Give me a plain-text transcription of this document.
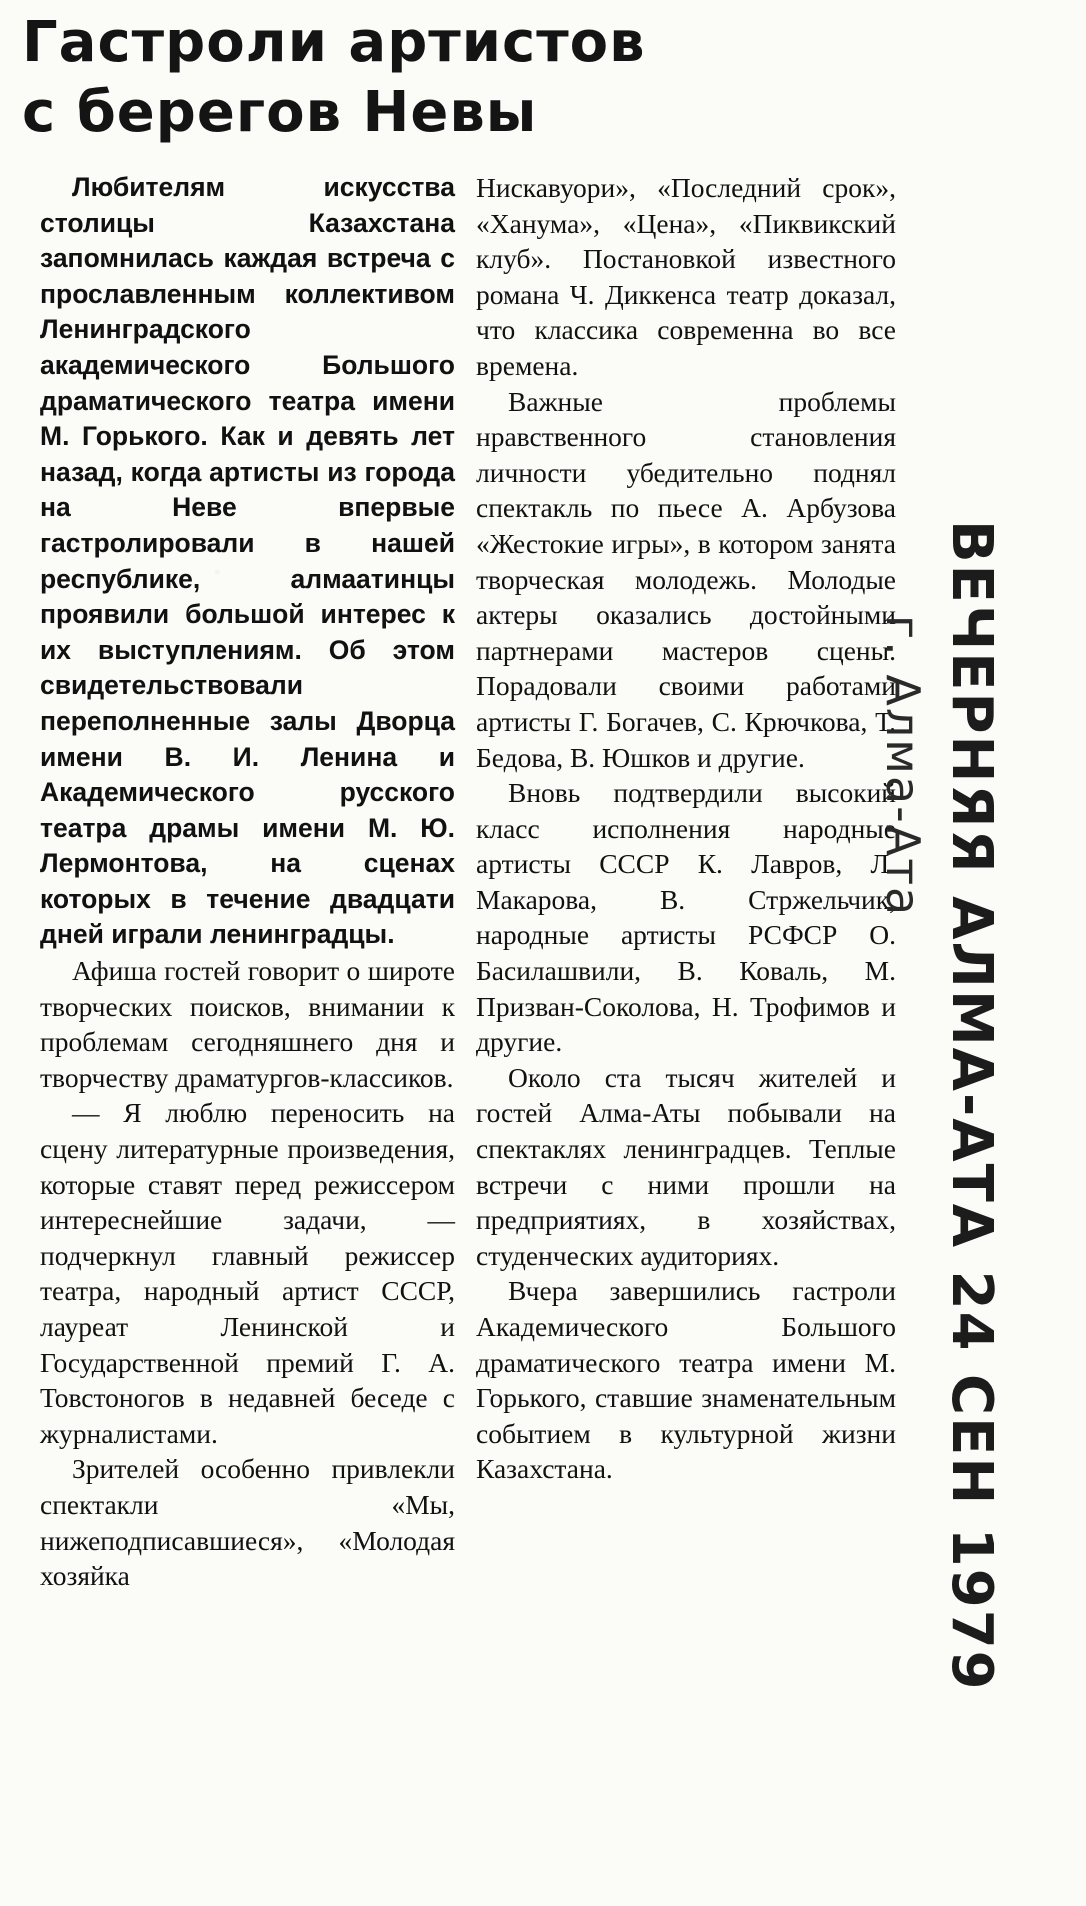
Гастроли артистов
с берегов Невы

Любителям искусства столицы Казахстана запомнилась каждая встреча с прославленным коллективом Ленинградского академического Большого драматического театра имени М. Горького. Как и девять лет назад, когда артисты из города на Неве впервые гастролировали в нашей республике, алмаатинцы проявили большой интерес к их выступлениям. Об этом свидетельствовали переполненные залы Дворца имени В. И. Ленина и Академического русского театра драмы имени М. Ю. Лермонтова, на сценах которых в течение двадцати дней играли ленинградцы.

Афиша гостей говорит о широте творческих поисков, внимании к проблемам сегодняшнего дня и творчеству драматургов-классиков.

— Я люблю переносить на сцену литературные произведения, которые ставят перед режиссером интереснейшие задачи, — подчеркнул главный режиссер театра, народный артист СССР, лауреат Ленинской и Государственной премий Г. А. Товстоногов в недавней беседе с журналистами.

Зрителей особенно привлекли спектакли «Мы, нижеподписавшиеся», «Молодая хозяйка

Нискавуори», «Последний срок», «Ханума», «Цена», «Пиквикский клуб». Постановкой известного романа Ч. Диккенса театр доказал, что классика современна во все времена.

Важные проблемы нравственного становления личности убедительно поднял спектакль по пьесе А. Арбузова «Жестокие игры», в котором занята творческая молодежь. Молодые актеры оказались достойными партнерами мастеров сцены. Порадовали своими работами артисты Г. Богачев, С. Крючкова, Т. Бедова, В. Юшков и другие.

Вновь подтвердили высокий класс исполнения народные артисты СССР К. Лавров, Л. Макарова, В. Стржельчик, народные артисты РСФСР О. Басилашвили, В. Коваль, М. Призван-Соколова, Н. Трофимов и другие.

Около ста тысяч жителей и гостей Алма-Аты побывали на спектаклях ленинградцев. Теплые встречи с ними прошли на предприятиях, в хозяйствах, студенческих аудиториях.

Вчера завершились гастроли Академического Большого драматического театра имени М. Горького, ставшие знаменательным событием в культурной жизни Казахстана.	ВЕЧЕРНЯЯ АЛМА-АТА 24 СЕН 1979
г. Алма-Ата
